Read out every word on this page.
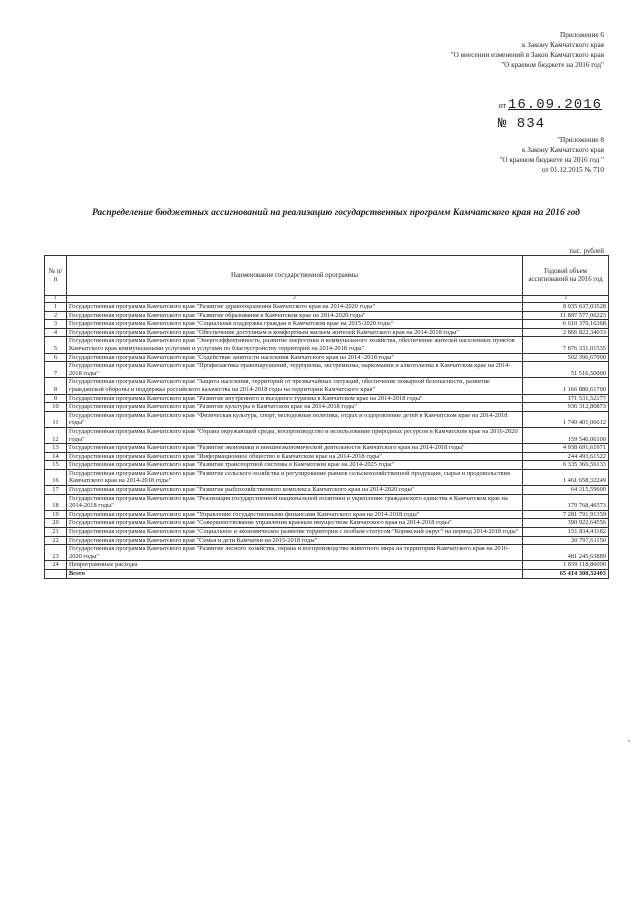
Приложение 6
к Закону Камчатского края
"О внесении изменений в Закон Камчатского края
"О краевом бюджете на 2016 год"
от 16.09.2016
№ 834
"Приложение 8
к Закону Камчатского края
"О краевом бюджете на 2016 год "
от 01.12.2015 № 710
Распределение бюджетных ассигнований на реализацию государственных программ Камчатского края на 2016 год
тыс. рублей
№ п/п	Наименование государственной программы	Годовой объем ассигнований на 2016 год
1	2	3
1	Государственная программа Камчатского края "Развитие здравоохранения Камчатского края на 2014-2020 годы"	8 035 637,03528
2	Государственная программа Камчатского края "Развитие образования в Камчатском крае на 2014-2020 годы"	11 897 577,06223
3	Государственная программа Камчатского края "Социальная поддержка граждан в Камчатском крае на 2015-2020 годы"	6 610 370,16368
4	Государственная программа Камчатского края "Обеспечение доступным и комфортным жильем жителей Камчатского края на 2014-2018 годы"	2 866 822,34033
5	Государственная программа Камчатского края "Энергоэффективность, развитие энергетики и коммунального хозяйства, обеспечение жителей населенных пунктов Камчатского края коммунальными услугами и услугами по благоустройству территорий на 2014-2018 годы"	7 876 331,01535
6	Государственная программа Камчатского края "Содействие занятости населения Камчатского края на 2014 -2018 годы"	502 396,67000
7	Государственная программа Камчатского края "Профилактика правонарушений, терроризма, экстремизма, наркомании и алкоголизма в Камчатском крае на 2014-2018 годы"	51 516,50000
8	Государственная программа Камчатского края "Защита населения, территорий от чрезвычайных ситуаций, обеспечение пожарной безопасности, развитие гражданской обороны и поддержка российского казачества на 2014-2018 годы на территории Камчатского края"	1 166 880,61700
9	Государственная программа Камчатского края "Развитие внутреннего и въездного туризма в Камчатском крае на 2014-2018 годы"	171 531,52177
10	Государственная программа Камчатского края "Развитие культуры в Камчатском крае на 2014-2018 годы"	936 312,80873
11	Государственная программа Камчатского края "Физическая культура, спорт, молодежная политика, отдых и оздоровление детей в Камчатском крае на 2014-2018 годы"	1 749 401,06612
12	Государственная программа Камчатского края "Охрана окружающей среды, воспроизводство и использование природных ресурсов в Камчатском крае на 2016-2020 годы"	159 546,06100
13	Государственная программа Камчатского края "Развитие экономики и внешнеэкономической деятельности Камчатского края на 2014-2018 годы"	4 938 691,61971
14	Государственная программа Камчатского края "Информационное общество в Камчатском крае на 2014-2018 годы"	244 493,61522
15	Государственная программа Камчатского края "Развитие транспортной системы в Камчатском крае на 2014-2025 годы"	6 335 366,56133
16	Государственная программа Камчатского края "Развитие сельского хозяйства и регулирование рынков сельскохозяйственной продукции, сырья и продовольствия Камчатского края на 2014-2018 годы"	1 461 658,32249
17	Государственная программа Камчатского края "Развитие рыбохозяйственного комплекса Камчатского края на 2014-2020 годы"	64 315,59600
18	Государственная программа Камчатского края "Реализация государственной национальной политики и укрепление гражданского единства в Камчатском крае на 2014-2018 годы"	179 768,46573
19	Государственная программа Камчатского края "Управление государственными финансами Камчатского края на 2014-2018 годы"	7 281 791,91359
20	Государственная программа Камчатского края "Совершенствование управления краевым имуществом Камчатского края на 2014-2018 годы"	390 922,64556
21	Государственная программа Камчатского края "Социальное и экономическое развитие территории с особым статусом "Корякский округ" на период 2014-2018 годы"	151 834,41182
22	Государственная программа Камчатского края "Семья и дети Камчатки на 2015-2018 годы"	20 797,61150
23	Государственная программа Камчатского края "Развитие лесного хозяйства, охрана и воспроизводство животного мира на территории Камчатского края на 2016-2020 годы"	481 245,63889
24	Непрограммные расходы	1 839 118,86090
	Всего	65 414 308,32403
"
